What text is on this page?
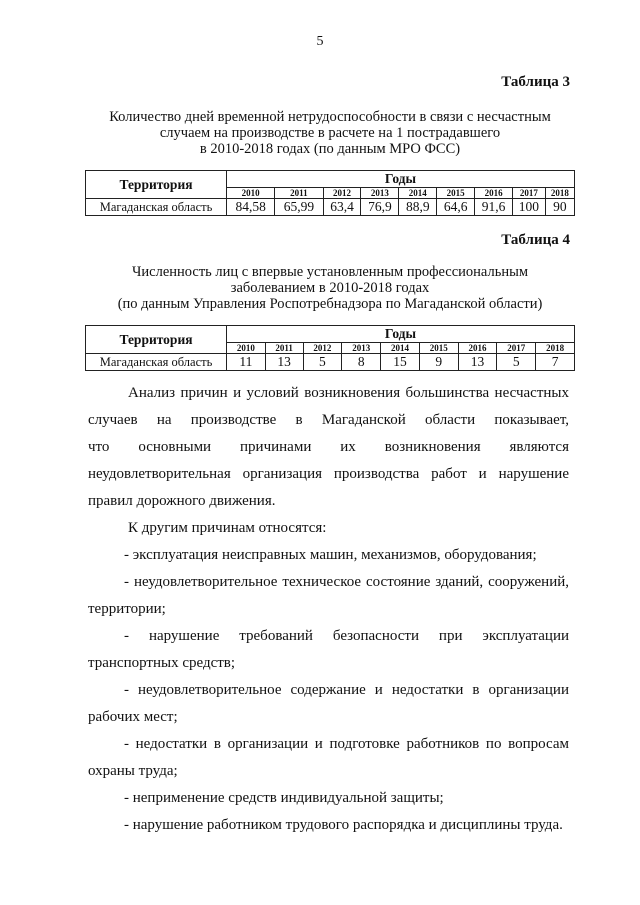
5
Таблица 3
Количество дней временной нетрудоспособности в связи с несчастным
случаем на производстве в расчете на 1 пострадавшего
в 2010-2018 годах (по данным МРО ФСС)
Территория	Годы								
	2010	2011	2012	2013	2014	2015	2016	2017	2018
Магаданская область	84,58	65,99	63,4	76,9	88,9	64,6	91,6	100	90
Таблица 4
Численность лиц с впервые установленным профессиональным
заболеванием в 2010-2018 годах
(по данным Управления Роспотребнадзора по Магаданской области)
Территория	Годы								
	2010	2011	2012	2013	2014	2015	2016	2017	2018
Магаданская область	11	13	5	8	15	9	13	5	7

Анализ причин и условий возникновения большинства несчастных

случаев на производстве в Магаданской области показывает,

что основными причинами их возникновения являются

неудовлетворительная организация производства работ и нарушение

правил дорожного движения.

К другим причинам относятся:

- эксплуатация неисправных машин, механизмов, оборудования;

- неудовлетворительное техническое состояние зданий, сооружений,

территории;

- нарушение требований безопасности при эксплуатации

транспортных средств;

- неудовлетворительное содержание и недостатки в организации

рабочих мест;

- недостатки в организации и подготовке работников по вопросам

охраны труда;

- неприменение средств индивидуальной защиты;

- нарушение работником трудового распорядка и дисциплины труда.
